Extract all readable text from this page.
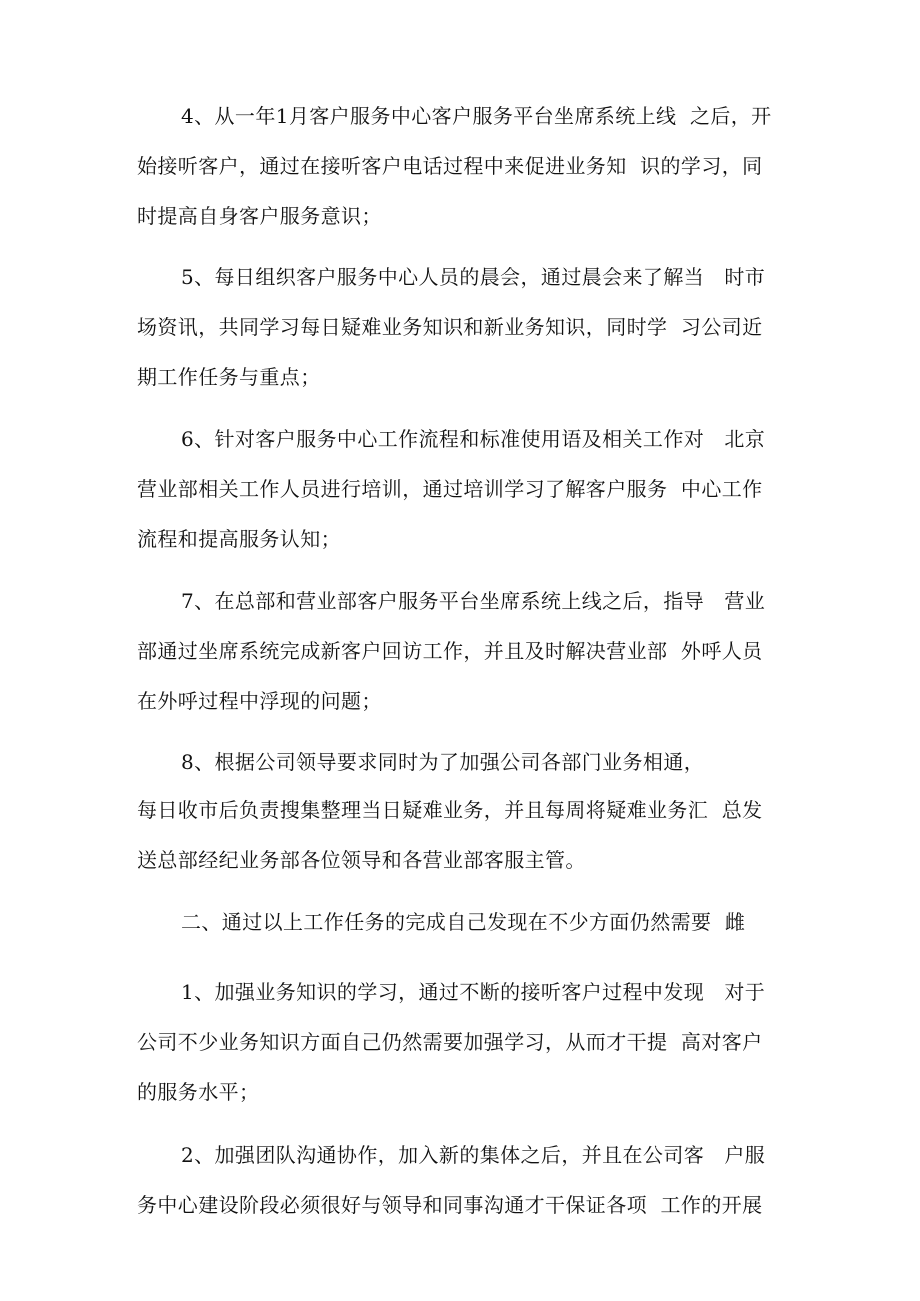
4、从一年1月客户服务中心客户服务平台坐席系统上线  之后，开
始接听客户，通过在接听客户电话过程中来促进业务知  识的学习，同
时提高自身客户服务意识；
5、每日组织客户服务中心人员的晨会，通过晨会来了解当   时市
场资讯，共同学习每日疑难业务知识和新业务知识，同时学  习公司近
期工作任务与重点；
6、针对客户服务中心工作流程和标准使用语及相关工作对   北京
营业部相关工作人员进行培训，通过培训学习了解客户服务  中心工作
流程和提高服务认知；
7、在总部和营业部客户服务平台坐席系统上线之后，指导   营业
部通过坐席系统完成新客户回访工作，并且及时解决营业部  外呼人员
在外呼过程中浮现的问题；
8、根据公司领导要求同时为了加强公司各部门业务相通，
每日收市后负责搜集整理当日疑难业务，并且每周将疑难业务汇  总发
送总部经纪业务部各位领导和各营业部客服主管。
二、通过以上工作任务的完成自己发现在不少方面仍然需要  雌
1、加强业务知识的学习，通过不断的接听客户过程中发现   对于
公司不少业务知识方面自己仍然需要加强学习，从而才干提  高对客户
的服务水平；
2、加强团队沟通协作，加入新的集体之后，并且在公司客   户服
务中心建设阶段必须很好与领导和同事沟通才干保证各项  工作的开展
